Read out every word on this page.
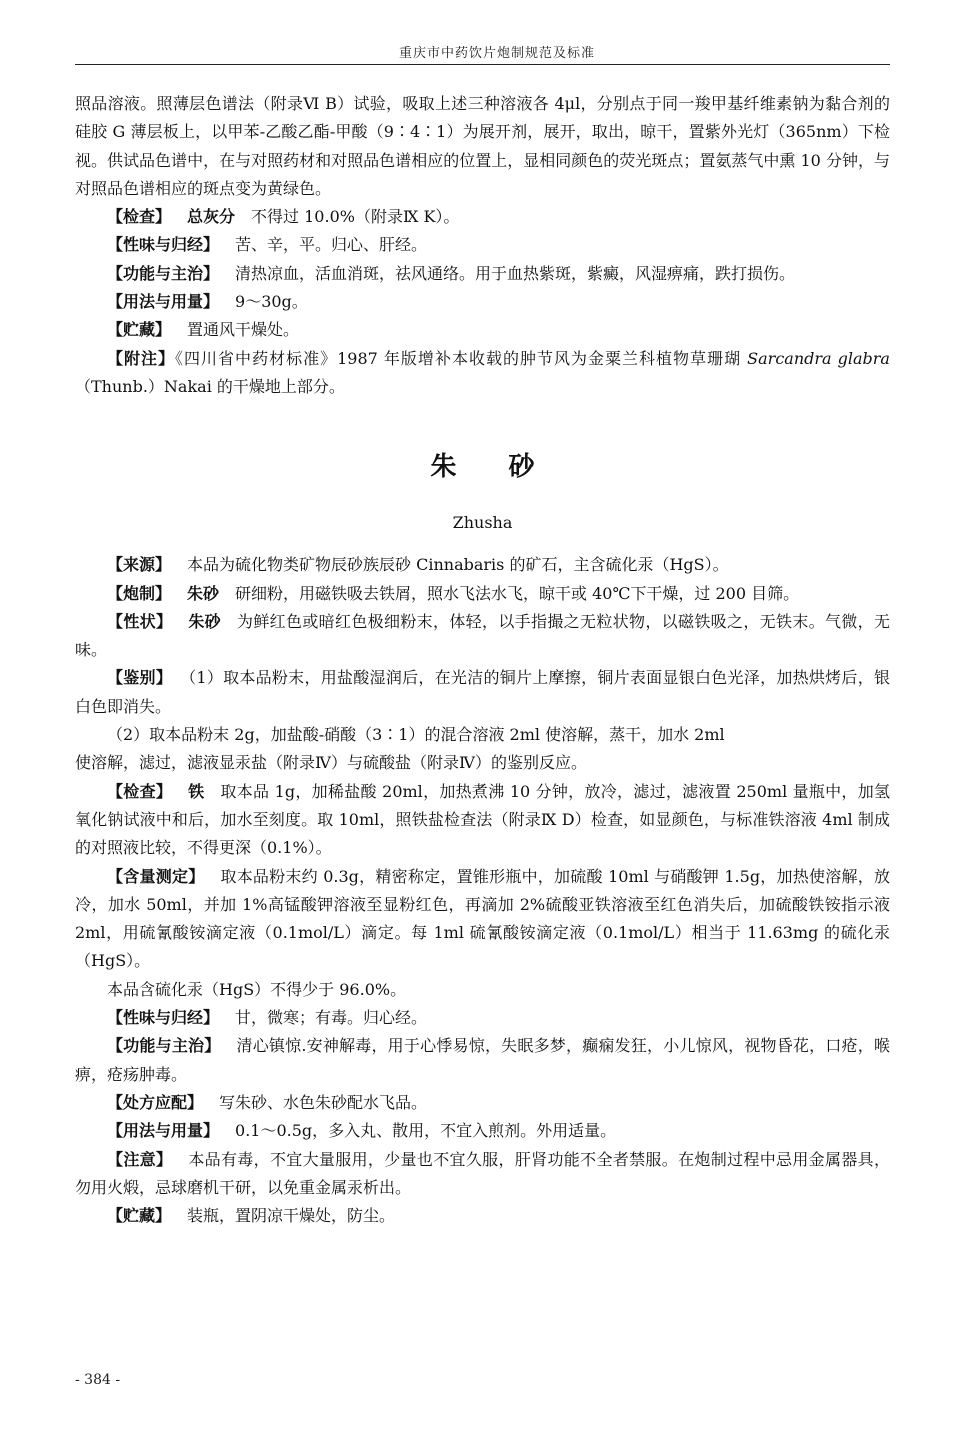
重庆市中药饮片炮制规范及标准

照品溶液。照薄层色谱法（附录Ⅵ B）试验，吸取上述三种溶液各 4μl，分别点于同一羧甲基纤维素钠为黏合剂的硅胶 G 薄层板上，以甲苯-乙酸乙酯-甲酸（9∶4∶1）为展开剂，展开，取出，晾干，置紫外光灯（365nm）下检视。供试品色谱中，在与对照药材和对照品色谱相应的位置上，显相同颜色的荧光斑点；置氨蒸气中熏 10 分钟，与对照品色谱相应的斑点变为黄绿色。

【检查】 总灰分 不得过 10.0%（附录Ⅸ K）。

【性味与归经】 苦、辛，平。归心、肝经。

【功能与主治】 清热凉血，活血消斑，祛风通络。用于血热紫斑，紫癜，风湿痹痛，跌打损伤。

【用法与用量】 9～30g。

【贮藏】 置通风干燥处。

【附注】《四川省中药材标准》1987 年版增补本收载的肿节风为金粟兰科植物草珊瑚 Sarcandra glabra（Thunb.）Nakai 的干燥地上部分。

朱 砂
Zhusha

【来源】 本品为硫化物类矿物辰砂族辰砂 Cinnabaris 的矿石，主含硫化汞（HgS）。

【炮制】 朱砂 研细粉，用磁铁吸去铁屑，照水飞法水飞，晾干或 40℃下干燥，过 200 目筛。

【性状】 朱砂 为鲜红色或暗红色极细粉末，体轻，以手指撮之无粒状物，以磁铁吸之，无铁末。气微，无味。

【鉴别】 （1）取本品粉末，用盐酸湿润后，在光洁的铜片上摩擦，铜片表面显银白色光泽，加热烘烤后，银白色即消失。

（2）取本品粉末 2g，加盐酸-硝酸（3∶1）的混合溶液 2ml 使溶解，蒸干，加水 2ml

使溶解，滤过，滤液显汞盐（附录Ⅳ）与硫酸盐（附录Ⅳ）的鉴别反应。

【检查】 铁 取本品 1g，加稀盐酸 20ml，加热煮沸 10 分钟，放冷，滤过，滤液置 250ml 量瓶中，加氢氧化钠试液中和后，加水至刻度。取 10ml，照铁盐检查法（附录Ⅸ D）检查，如显颜色，与标准铁溶液 4ml 制成的对照液比较，不得更深（0.1%）。

【含量测定】 取本品粉末约 0.3g，精密称定，置锥形瓶中，加硫酸 10ml 与硝酸钾 1.5g，加热使溶解，放冷，加水 50ml，并加 1%高锰酸钾溶液至显粉红色，再滴加 2%硫酸亚铁溶液至红色消失后，加硫酸铁铵指示液 2ml，用硫氰酸铵滴定液（0.1mol/L）滴定。每 1ml 硫氰酸铵滴定液（0.1mol/L）相当于 11.63mg 的硫化汞（HgS）。

本品含硫化汞（HgS）不得少于 96.0%。

【性味与归经】 甘，微寒；有毒。归心经。

【功能与主治】 清心镇惊.安神解毒，用于心悸易惊，失眠多梦，癫痫发狂，小儿惊风，视物昏花，口疮，喉痹，疮疡肿毒。

【处方应配】 写朱砂、水色朱砂配水飞品。

【用法与用量】 0.1～0.5g，多入丸、散用，不宜入煎剂。外用适量。

【注意】 本品有毒，不宜大量服用，少量也不宜久服，肝肾功能不全者禁服。在炮制过程中忌用金属器具，勿用火煅，忌球磨机干研，以免重金属汞析出。

【贮藏】 装瓶，置阴凉干燥处，防尘。

- 384 -
